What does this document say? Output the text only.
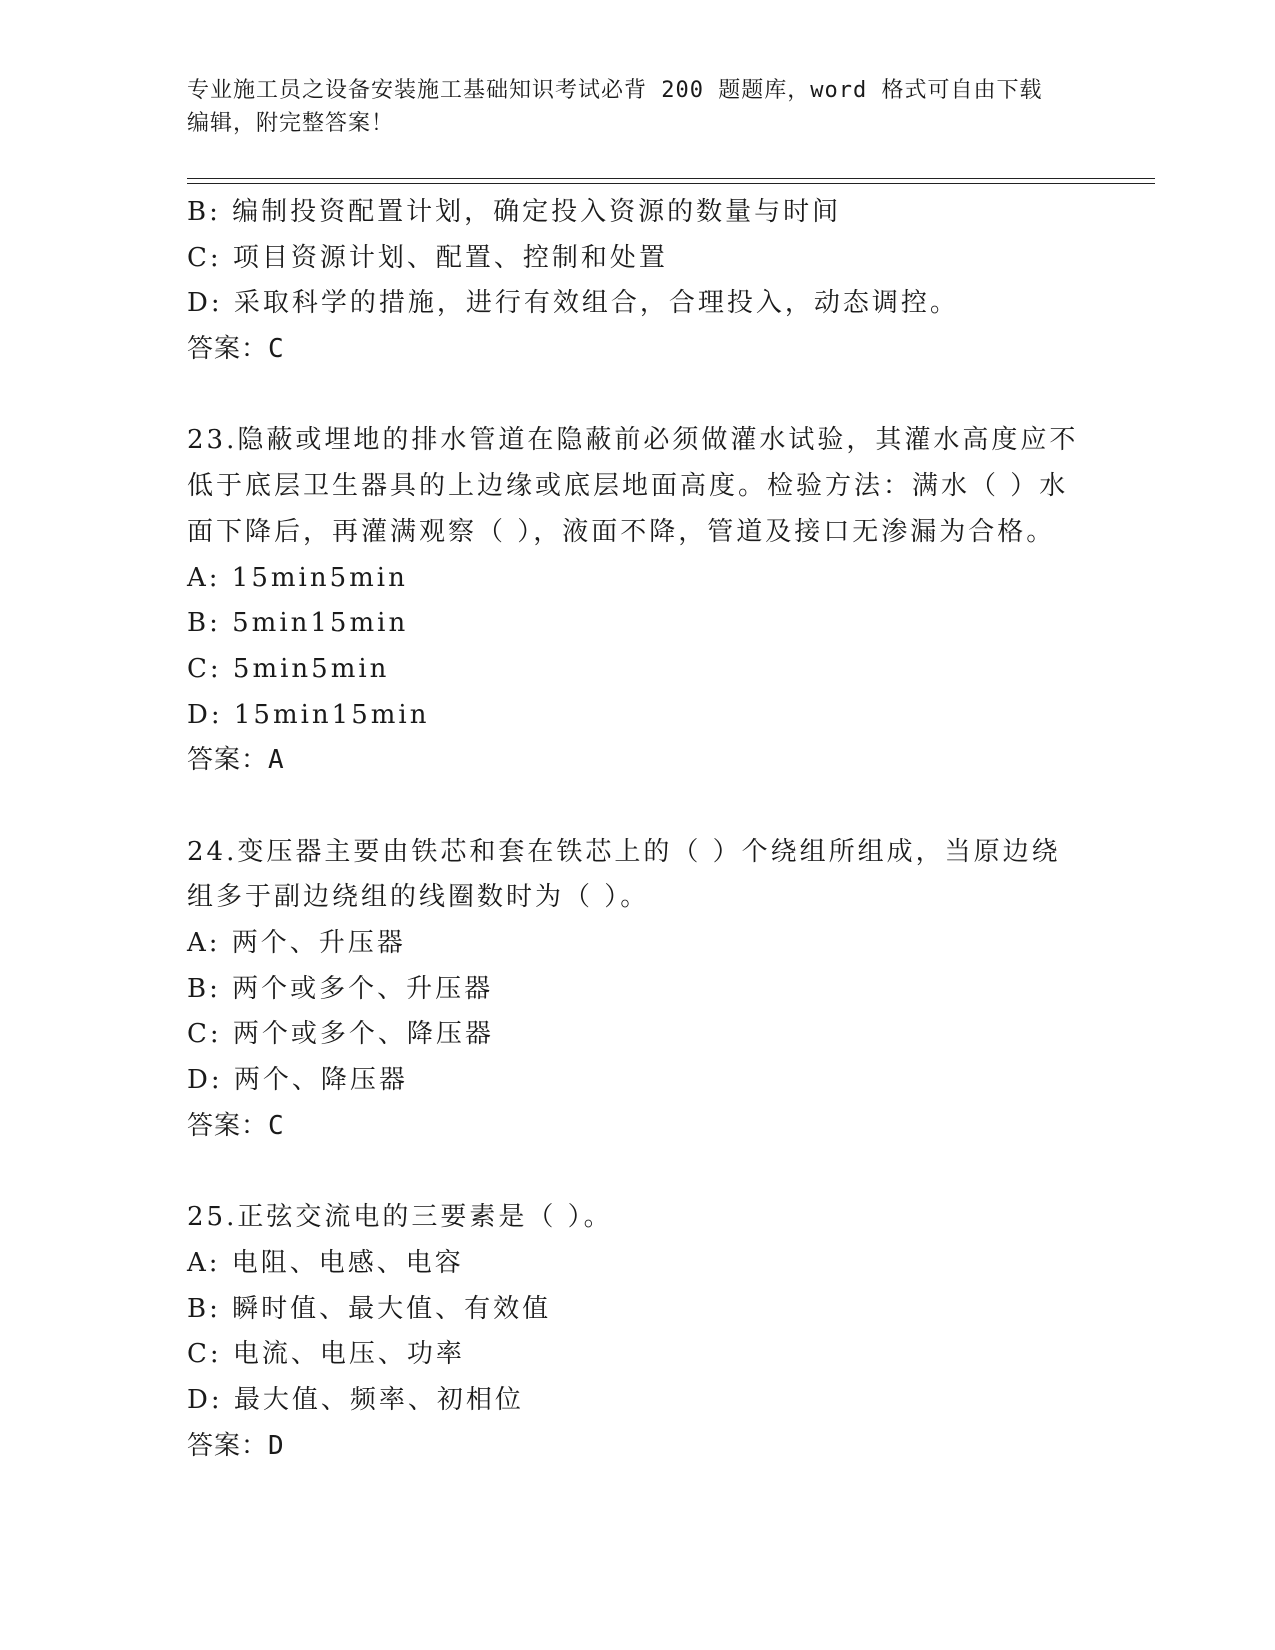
专业施工员之设备安装施工基础知识考试必背 200 题题库，word 格式可自由下载
编辑，附完整答案！
B: 编制投资配置计划，确定投入资源的数量与时间
C: 项目资源计划、配置、控制和处置
D: 采取科学的措施，进行有效组合，合理投入，动态调控。
答案：C
23.隐蔽或埋地的排水管道在隐蔽前必须做灌水试验，其灌水高度应不
低于底层卫生器具的上边缘或底层地面高度。检验方法：满水（ ）水
面下降后，再灌满观察（ ），液面不降，管道及接口无渗漏为合格。
A: 15min5min
B: 5min15min
C: 5min5min
D: 15min15min
答案：A
24.变压器主要由铁芯和套在铁芯上的（ ）个绕组所组成，当原边绕
组多于副边绕组的线圈数时为（ ）。
A: 两个、升压器
B: 两个或多个、升压器
C: 两个或多个、降压器
D: 两个、降压器
答案：C
25.正弦交流电的三要素是（ ）。
A: 电阻、电感、电容
B: 瞬时值、最大值、有效值
C: 电流、电压、功率
D: 最大值、频率、初相位
答案：D
